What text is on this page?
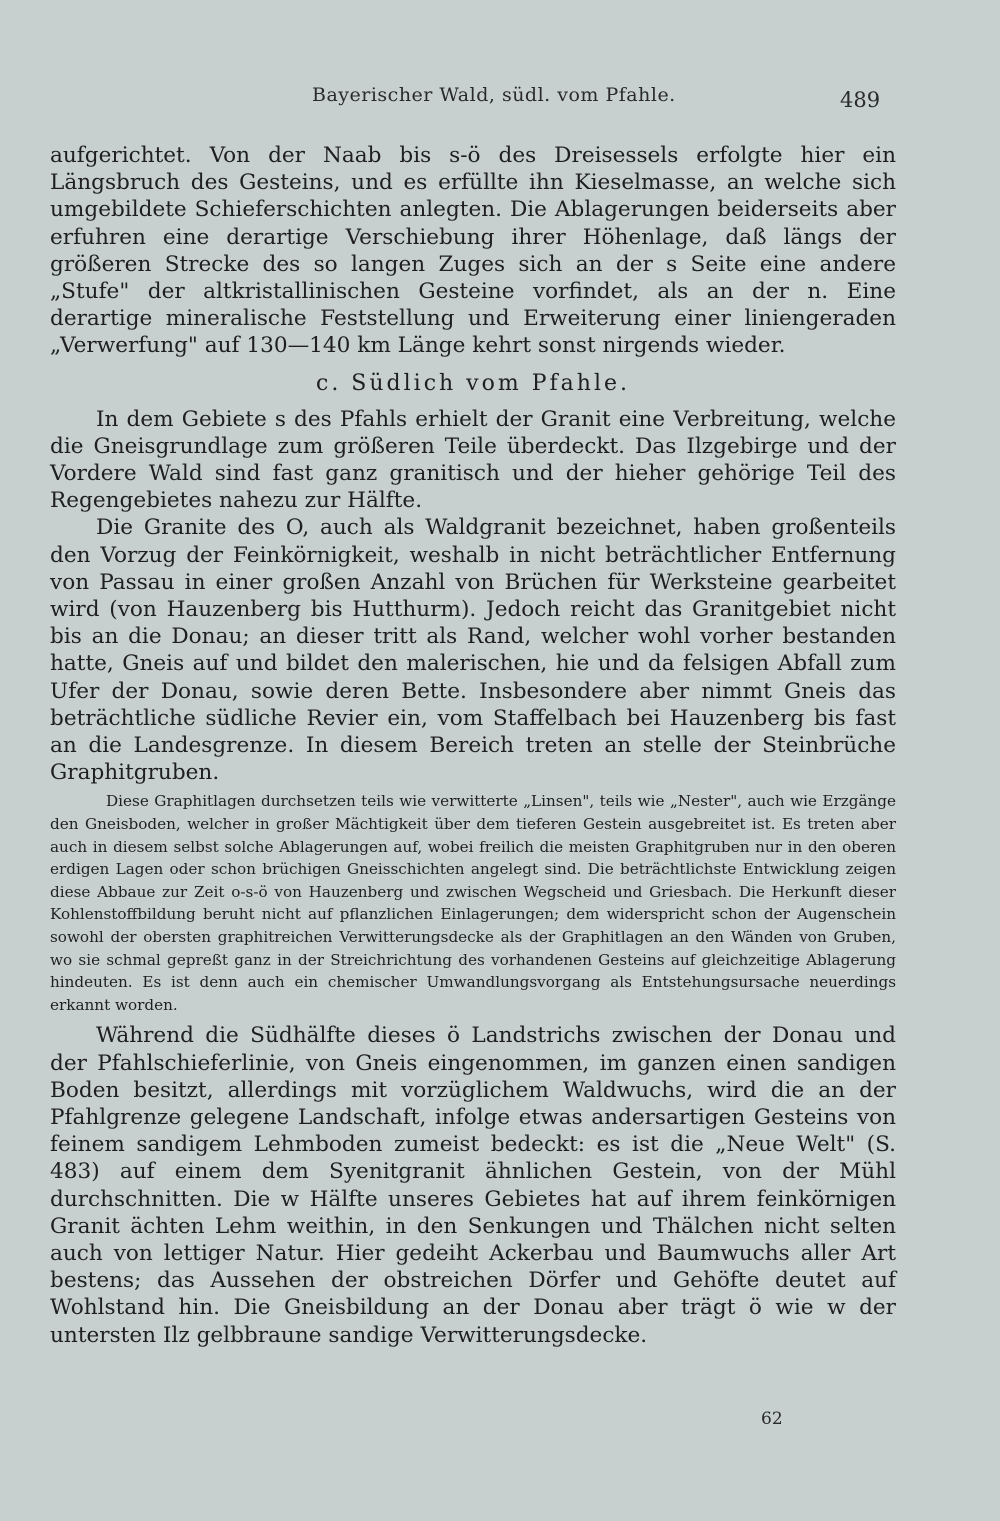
Bayerischer Wald, südl. vom Pfahle.	489

aufgerichtet. Von der Naab bis s-ö des Dreisessels erfolgte hier ein Längsbruch des Gesteins, und es erfüllte ihn Kieselmasse, an welche sich umgebildete Schieferschichten anlegten. Die Ablagerungen beiderseits aber erfuhren eine derartige Verschiebung ihrer Höhenlage, daß längs der größeren Strecke des so langen Zuges sich an der s Seite eine andere „Stufe" der altkristallinischen Gesteine vorfindet, als an der n. Eine derartige mineralische Feststellung und Erweiterung einer liniengeraden „Verwerfung" auf 130—140 km Länge kehrt sonst nirgends wieder.

c. Südlich vom Pfahle.

In dem Gebiete s des Pfahls erhielt der Granit eine Verbreitung, welche die Gneisgrundlage zum größeren Teile überdeckt. Das Ilzgebirge und der Vordere Wald sind fast ganz granitisch und der hieher gehörige Teil des Regengebietes nahezu zur Hälfte.

Die Granite des O, auch als Waldgranit bezeichnet, haben großenteils den Vorzug der Feinkörnigkeit, weshalb in nicht beträchtlicher Entfernung von Passau in einer großen Anzahl von Brüchen für Werksteine gearbeitet wird (von Hauzenberg bis Hutthurm). Jedoch reicht das Granitgebiet nicht bis an die Donau; an dieser tritt als Rand, welcher wohl vorher bestanden hatte, Gneis auf und bildet den malerischen, hie und da felsigen Abfall zum Ufer der Donau, sowie deren Bette. Insbesondere aber nimmt Gneis das beträchtliche südliche Revier ein, vom Staffelbach bei Hauzenberg bis fast an die Landesgrenze. In diesem Bereich treten an stelle der Steinbrüche Graphitgruben.

Diese Graphitlagen durchsetzen teils wie verwitterte „Linsen", teils wie „Nester", auch wie Erzgänge den Gneisboden, welcher in großer Mächtigkeit über dem tieferen Gestein ausgebreitet ist. Es treten aber auch in diesem selbst solche Ablagerungen auf, wobei freilich die meisten Graphitgruben nur in den oberen erdigen Lagen oder schon brüchigen Gneisschichten angelegt sind. Die beträchtlichste Entwicklung zeigen diese Abbaue zur Zeit o-s-ö von Hauzenberg und zwischen Wegscheid und Griesbach. Die Herkunft dieser Kohlenstoffbildung beruht nicht auf pflanzlichen Einlagerungen; dem widerspricht schon der Augenschein sowohl der obersten graphitreichen Verwitterungsdecke als der Graphitlagen an den Wänden von Gruben, wo sie schmal gepreßt ganz in der Streichrichtung des vorhandenen Gesteins auf gleichzeitige Ablagerung hindeuten. Es ist denn auch ein chemischer Umwandlungsvorgang als Entstehungsursache neuerdings erkannt worden.

Während die Südhälfte dieses ö Landstrichs zwischen der Donau und der Pfahlschieferlinie, von Gneis eingenommen, im ganzen einen sandigen Boden besitzt, allerdings mit vorzüglichem Waldwuchs, wird die an der Pfahlgrenze gelegene Landschaft, infolge etwas andersartigen Gesteins von feinem sandigem Lehmboden zumeist bedeckt: es ist die „Neue Welt" (S. 483) auf einem dem Syenitgranit ähnlichen Gestein, von der Mühl durchschnitten. Die w Hälfte unseres Gebietes hat auf ihrem feinkörnigen Granit ächten Lehm weithin, in den Senkungen und Thälchen nicht selten auch von lettiger Natur. Hier gedeiht Ackerbau und Baumwuchs aller Art bestens; das Aussehen der obstreichen Dörfer und Gehöfte deutet auf Wohlstand hin. Die Gneisbildung an der Donau aber trägt ö wie w der untersten Ilz gelbbraune sandige Verwitterungsdecke.

62
